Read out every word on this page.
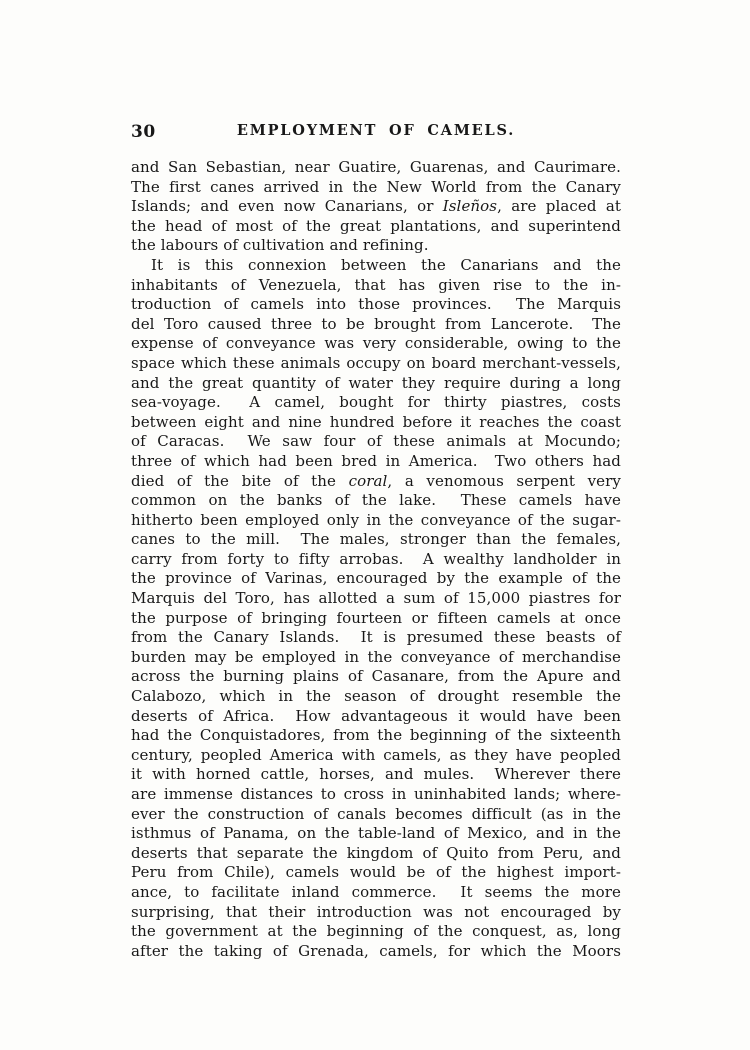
30	EMPLOYMENT OF CAMELS.
and San Sebastian, near Guatire, Guarenas, and Caurimare.
The first canes arrived in the New World from the Canary
Islands; and even now Canarians, or Isleños, are placed at
the head of most of the great plantations, and superintend
the labours of cultivation and refining.
It is this connexion between the Canarians and the
inhabitants of Venezuela, that has given rise to the in-
troduction of camels into those provinces.  The Marquis
del Toro caused three to be brought from Lancerote.  The
expense of conveyance was very considerable, owing to the
space which these animals occupy on board merchant-vessels,
and the great quantity of water they require during a long
sea-voyage.  A camel, bought for thirty piastres, costs
between eight and nine hundred before it reaches the coast
of Caracas.  We saw four of these animals at Mocundo;
three of which had been bred in America.  Two others had
died of the bite of the coral, a venomous serpent very
common on the banks of the lake.  These camels have
hitherto been employed only in the conveyance of the sugar-
canes to the mill.  The males, stronger than the females,
carry from forty to fifty arrobas.  A wealthy landholder in
the province of Varinas, encouraged by the example of the
Marquis del Toro, has allotted a sum of 15,000 piastres for
the purpose of bringing fourteen or fifteen camels at once
from the Canary Islands.  It is presumed these beasts of
burden may be employed in the conveyance of merchandise
across the burning plains of Casanare, from the Apure and
Calabozo, which in the season of drought resemble the
deserts of Africa.  How advantageous it would have been
had the Conquistadores, from the beginning of the sixteenth
century, peopled America with camels, as they have peopled
it with horned cattle, horses, and mules.  Wherever there
are immense distances to cross in uninhabited lands; where-
ever the construction of canals becomes difficult (as in the
isthmus of Panama, on the table-land of Mexico, and in the
deserts that separate the kingdom of Quito from Peru, and
Peru from Chile), camels would be of the highest import-
ance, to facilitate inland commerce.  It seems the more
surprising, that their introduction was not encouraged by
the government at the beginning of the conquest, as, long
after the taking of Grenada, camels, for which the Moors
